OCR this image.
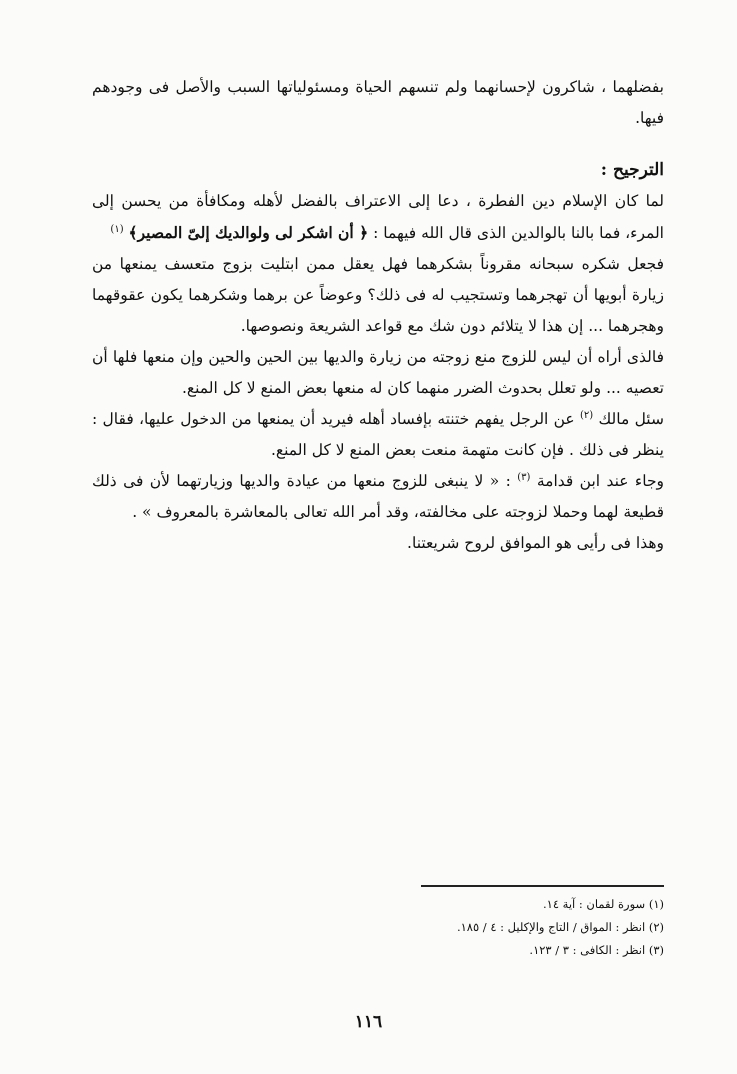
بفضلهما ، شاكرون لإحسانهما ولم تنسهم الحياة ومسئولياتها السبب والأصل فى وجودهم فيها.

الترجيح :

لما كان الإسلام دين الفطرة ، دعا إلى الاعتراف بالفضل لأهله ومكافأة من يحسن إلى المرء، فما بالنا بالوالدين الذى قال الله فيهما : ﴿ أن اشكر لى ولوالديك إلىّ المصير﴾ $^{(١)}$
فجعل شكره سبحانه مقروناً بشكرهما فهل يعقل ممن ابتليت بزوج متعسف يمنعها من زيارة أبويها أن تهجرهما وتستجيب له فى ذلك؟ وعوضاً عن برهما وشكرهما يكون عقوقهما وهجرهما ... إن هذا لا يتلائم دون شك مع قواعد الشريعة ونصوصها.

فالذى أراه أن ليس للزوج منع زوجته من زيارة والديها بين الحين والحين وإن منعها فلها أن تعصيه ... ولو تعلل بحدوث الضرر منهما كان له منعها بعض المنع لا كل المنع.

سئل مالك $^{(٢)}$ عن الرجل يفهم ختنته بإفساد أهله فيريد أن يمنعها من الدخول عليها، فقال : ينظر فى ذلك . فإن كانت متهمة منعت بعض المنع لا كل المنع.

وجاء عند ابن قدامة $^{(٣)}$ : « لا ينبغى للزوج منعها من عيادة والديها وزيارتهما لأن فى ذلك قطيعة لهما وحملا لزوجته على مخالفته، وقد أمر الله تعالى بالمعاشرة بالمعروف » .

وهذا فى رأيى هو الموافق لروح شريعتنا.

(١) سورة لقمان : آية ١٤.

(٢) انظر : المواق / التاج والإكليل : ٤ / ١٨٥.

(٣) انظر : الكافى : ٣ / ١٢٣.

١١٦
